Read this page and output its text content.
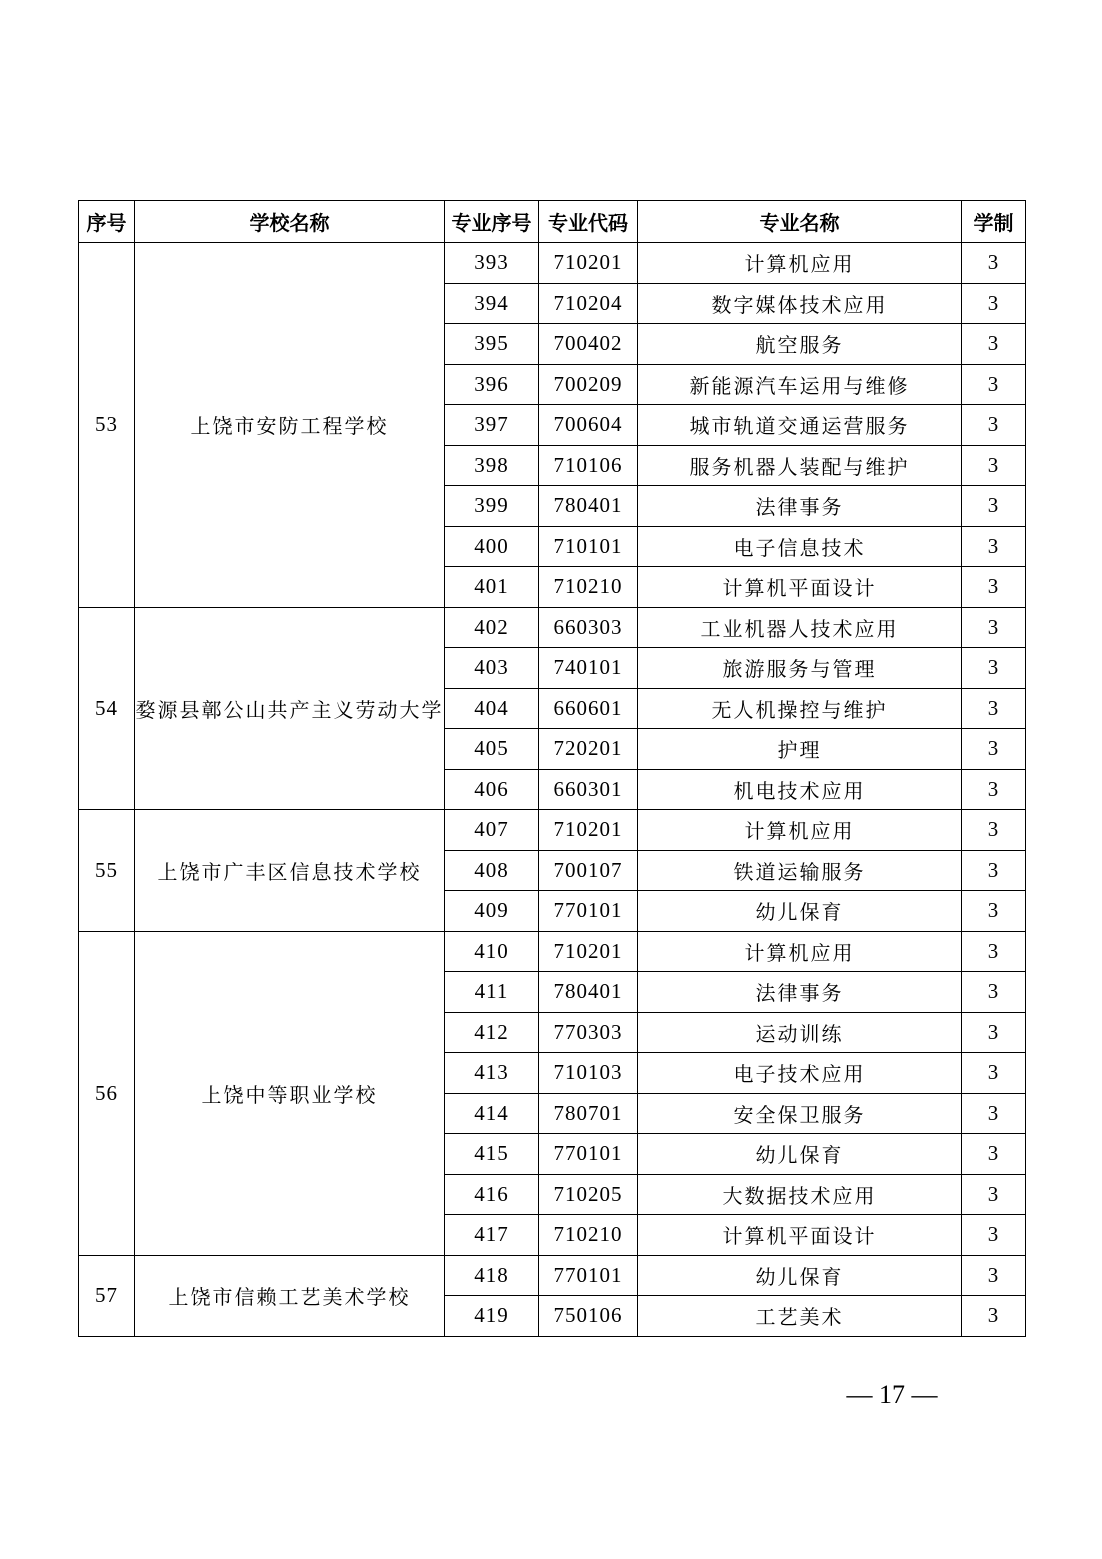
序号	学校名称	专业序号	专业代码	专业名称	学制
53	上饶市安防工程学校	393	710201	计算机应用	3
		394	710204	数字媒体技术应用	3
		395	700402	航空服务	3
		396	700209	新能源汽车运用与维修	3
		397	700604	城市轨道交通运营服务	3
		398	710106	服务机器人装配与维护	3
		399	780401	法律事务	3
		400	710101	电子信息技术	3
		401	710210	计算机平面设计	3
54	婺源县鄣公山共产主义劳动大学	402	660303	工业机器人技术应用	3
		403	740101	旅游服务与管理	3
		404	660601	无人机操控与维护	3
		405	720201	护理	3
		406	660301	机电技术应用	3
55	上饶市广丰区信息技术学校	407	710201	计算机应用	3
		408	700107	铁道运输服务	3
		409	770101	幼儿保育	3
56	上饶中等职业学校	410	710201	计算机应用	3
		411	780401	法律事务	3
		412	770303	运动训练	3
		413	710103	电子技术应用	3
		414	780701	安全保卫服务	3
		415	770101	幼儿保育	3
		416	710205	大数据技术应用	3
		417	710210	计算机平面设计	3
57	上饶市信赖工艺美术学校	418	770101	幼儿保育	3
		419	750106	工艺美术	3
— 17 —
